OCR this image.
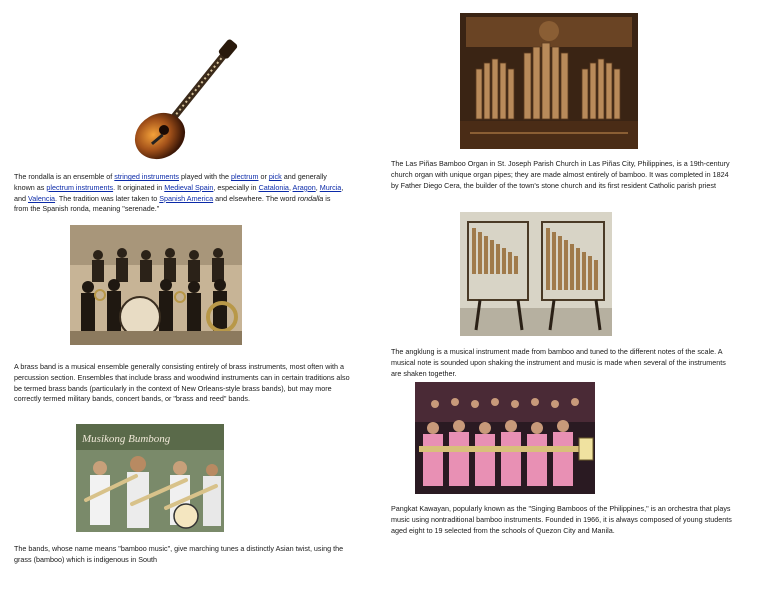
The rondalla is an ensemble of stringed instruments played with the plectrum or pick and generally known as plectrum instruments. It originated in Medieval Spain, especially in Catalonia, Aragon, Murcia, and Valencia. The tradition was later taken to Spanish America and elsewhere. The word rondalla is from the Spanish ronda, meaning "serenade."

A brass band is a musical ensemble generally consisting entirely of brass instruments, most often with a percussion section. Ensembles that include brass and woodwind instruments can in certain traditions also be termed brass bands (particularly in the context of New Orleans-style brass bands), but may more correctly termed military bands, concert bands, or "brass and reed" bands.

Musikong Bumbong

The bands, whose name means "bamboo music", give marching tunes a distinctly Asian twist, using the grass (bamboo) which is indigenous in South

The Las Piñas Bamboo Organ in St. Joseph Parish Church in Las Piñas City, Philippines, is a 19th-century church organ with unique organ pipes; they are made almost entirely of bamboo. It was completed in 1824 by Father Diego Cera, the builder of the town's stone church and its first resident Catholic parish priest

The angklung is a musical instrument made from bamboo and tuned to the different notes of the scale. A musical note is sounded upon shaking the instrument and music is made when several of the instruments are shaken together.

Pangkat Kawayan, popularly known as the "Singing Bamboos of the Philippines," is an orchestra that plays music using nontraditional bamboo instruments. Founded in 1966, it is always composed of young students aged eight to 19 selected from the schools of Quezon City and Manila.
